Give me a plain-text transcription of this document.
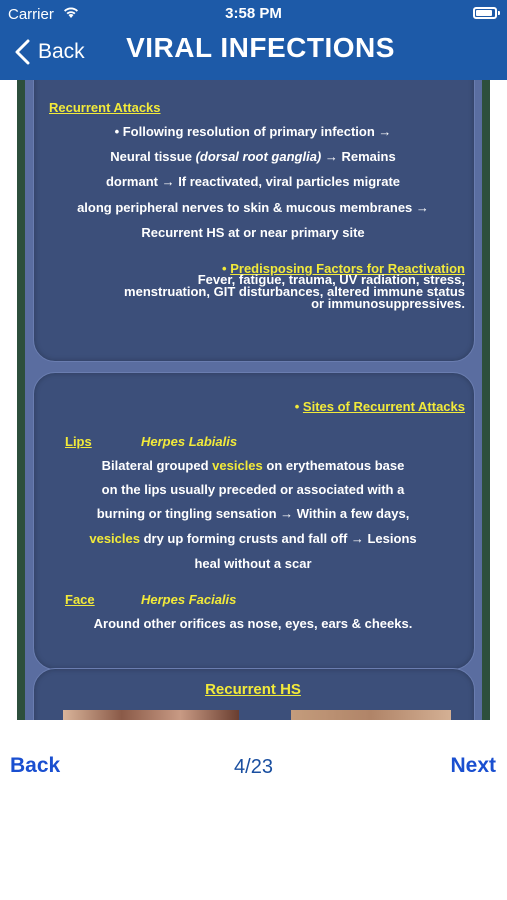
Carrier	3:58 PM
Back	VIRAL INFECTIONS
Recurrent Attacks
• Following resolution of primary infection →
Neural tissue (dorsal root ganglia) → Remains
dormant → If reactivated, viral particles migrate
along peripheral nerves to skin & mucous membranes →
Recurrent HS at or near primary site
• Predisposing Factors for Reactivation
Fever, fatigue, trauma, UV radiation, stress,
menstruation, GIT disturbances, altered immune status
or immunosuppressives.
• Sites of Recurrent Attacks
Lips	Herpes Labialis
Bilateral grouped vesicles on erythematous base
on the lips usually preceded or associated with a
burning or tingling sensation → Within a few days,
vesicles dry up forming crusts and fall off → Lesions
heal without a scar
Face	Herpes Facialis
Around other orifices as nose, eyes, ears & cheeks.
Recurrent HS
Back	4/23	Next
